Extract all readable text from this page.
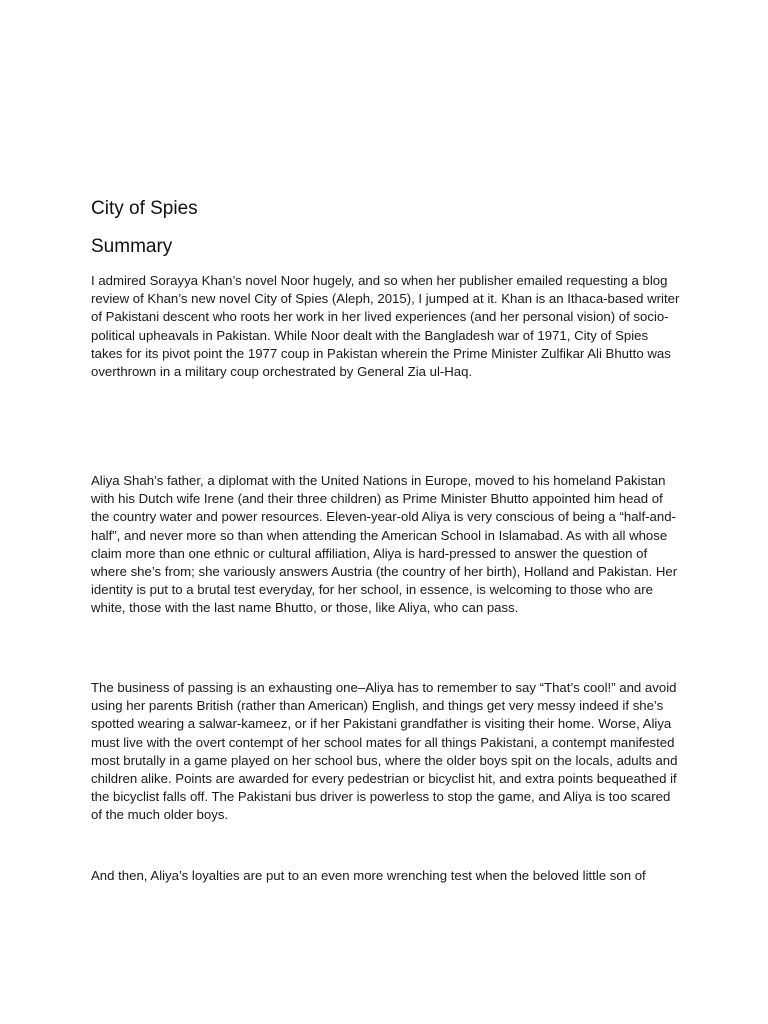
City of Spies
Summary

I admired Sorayya Khan’s novel Noor hugely, and so when her publisher emailed requesting a blog review of Khan’s new novel City of Spies (Aleph, 2015), I jumped at it. Khan is an Ithaca-based writer of Pakistani descent who roots her work in her lived experiences (and her personal vision) of socio-political upheavals in Pakistan. While Noor dealt with the Bangladesh war of 1971, City of Spies takes for its pivot point the 1977 coup in Pakistan wherein the Prime Minister Zulfikar Ali Bhutto was overthrown in a military coup orchestrated by General Zia ul-Haq.

Aliya Shah’s father, a diplomat with the United Nations in Europe, moved to his homeland Pakistan with his Dutch wife Irene (and their three children) as Prime Minister Bhutto appointed him head of the country water and power resources. Eleven-year-old Aliya is very conscious of being a “half-and-half”, and never more so than when attending the American School in Islamabad. As with all whose claim more than one ethnic or cultural affiliation, Aliya is hard-pressed to answer the question of where she’s from; she variously answers Austria (the country of her birth), Holland and Pakistan. Her identity is put to a brutal test everyday, for her school, in essence, is welcoming to those who are white, those with the last name Bhutto, or those, like Aliya, who can pass.

The business of passing is an exhausting one–Aliya has to remember to say “That’s cool!” and avoid using her parents British (rather than American) English, and things get very messy indeed if she’s spotted wearing a salwar-kameez, or if her Pakistani grandfather is visiting their home. Worse, Aliya must live with the overt contempt of her school mates for all things Pakistani, a contempt manifested most brutally in a game played on her school bus, where the older boys spit on the locals, adults and children alike. Points are awarded for every pedestrian or bicyclist hit, and extra points bequeathed if the bicyclist falls off. The Pakistani bus driver is powerless to stop the game, and Aliya is too scared of the much older boys.

And then, Aliya’s loyalties are put to an even more wrenching test when the beloved little son of
